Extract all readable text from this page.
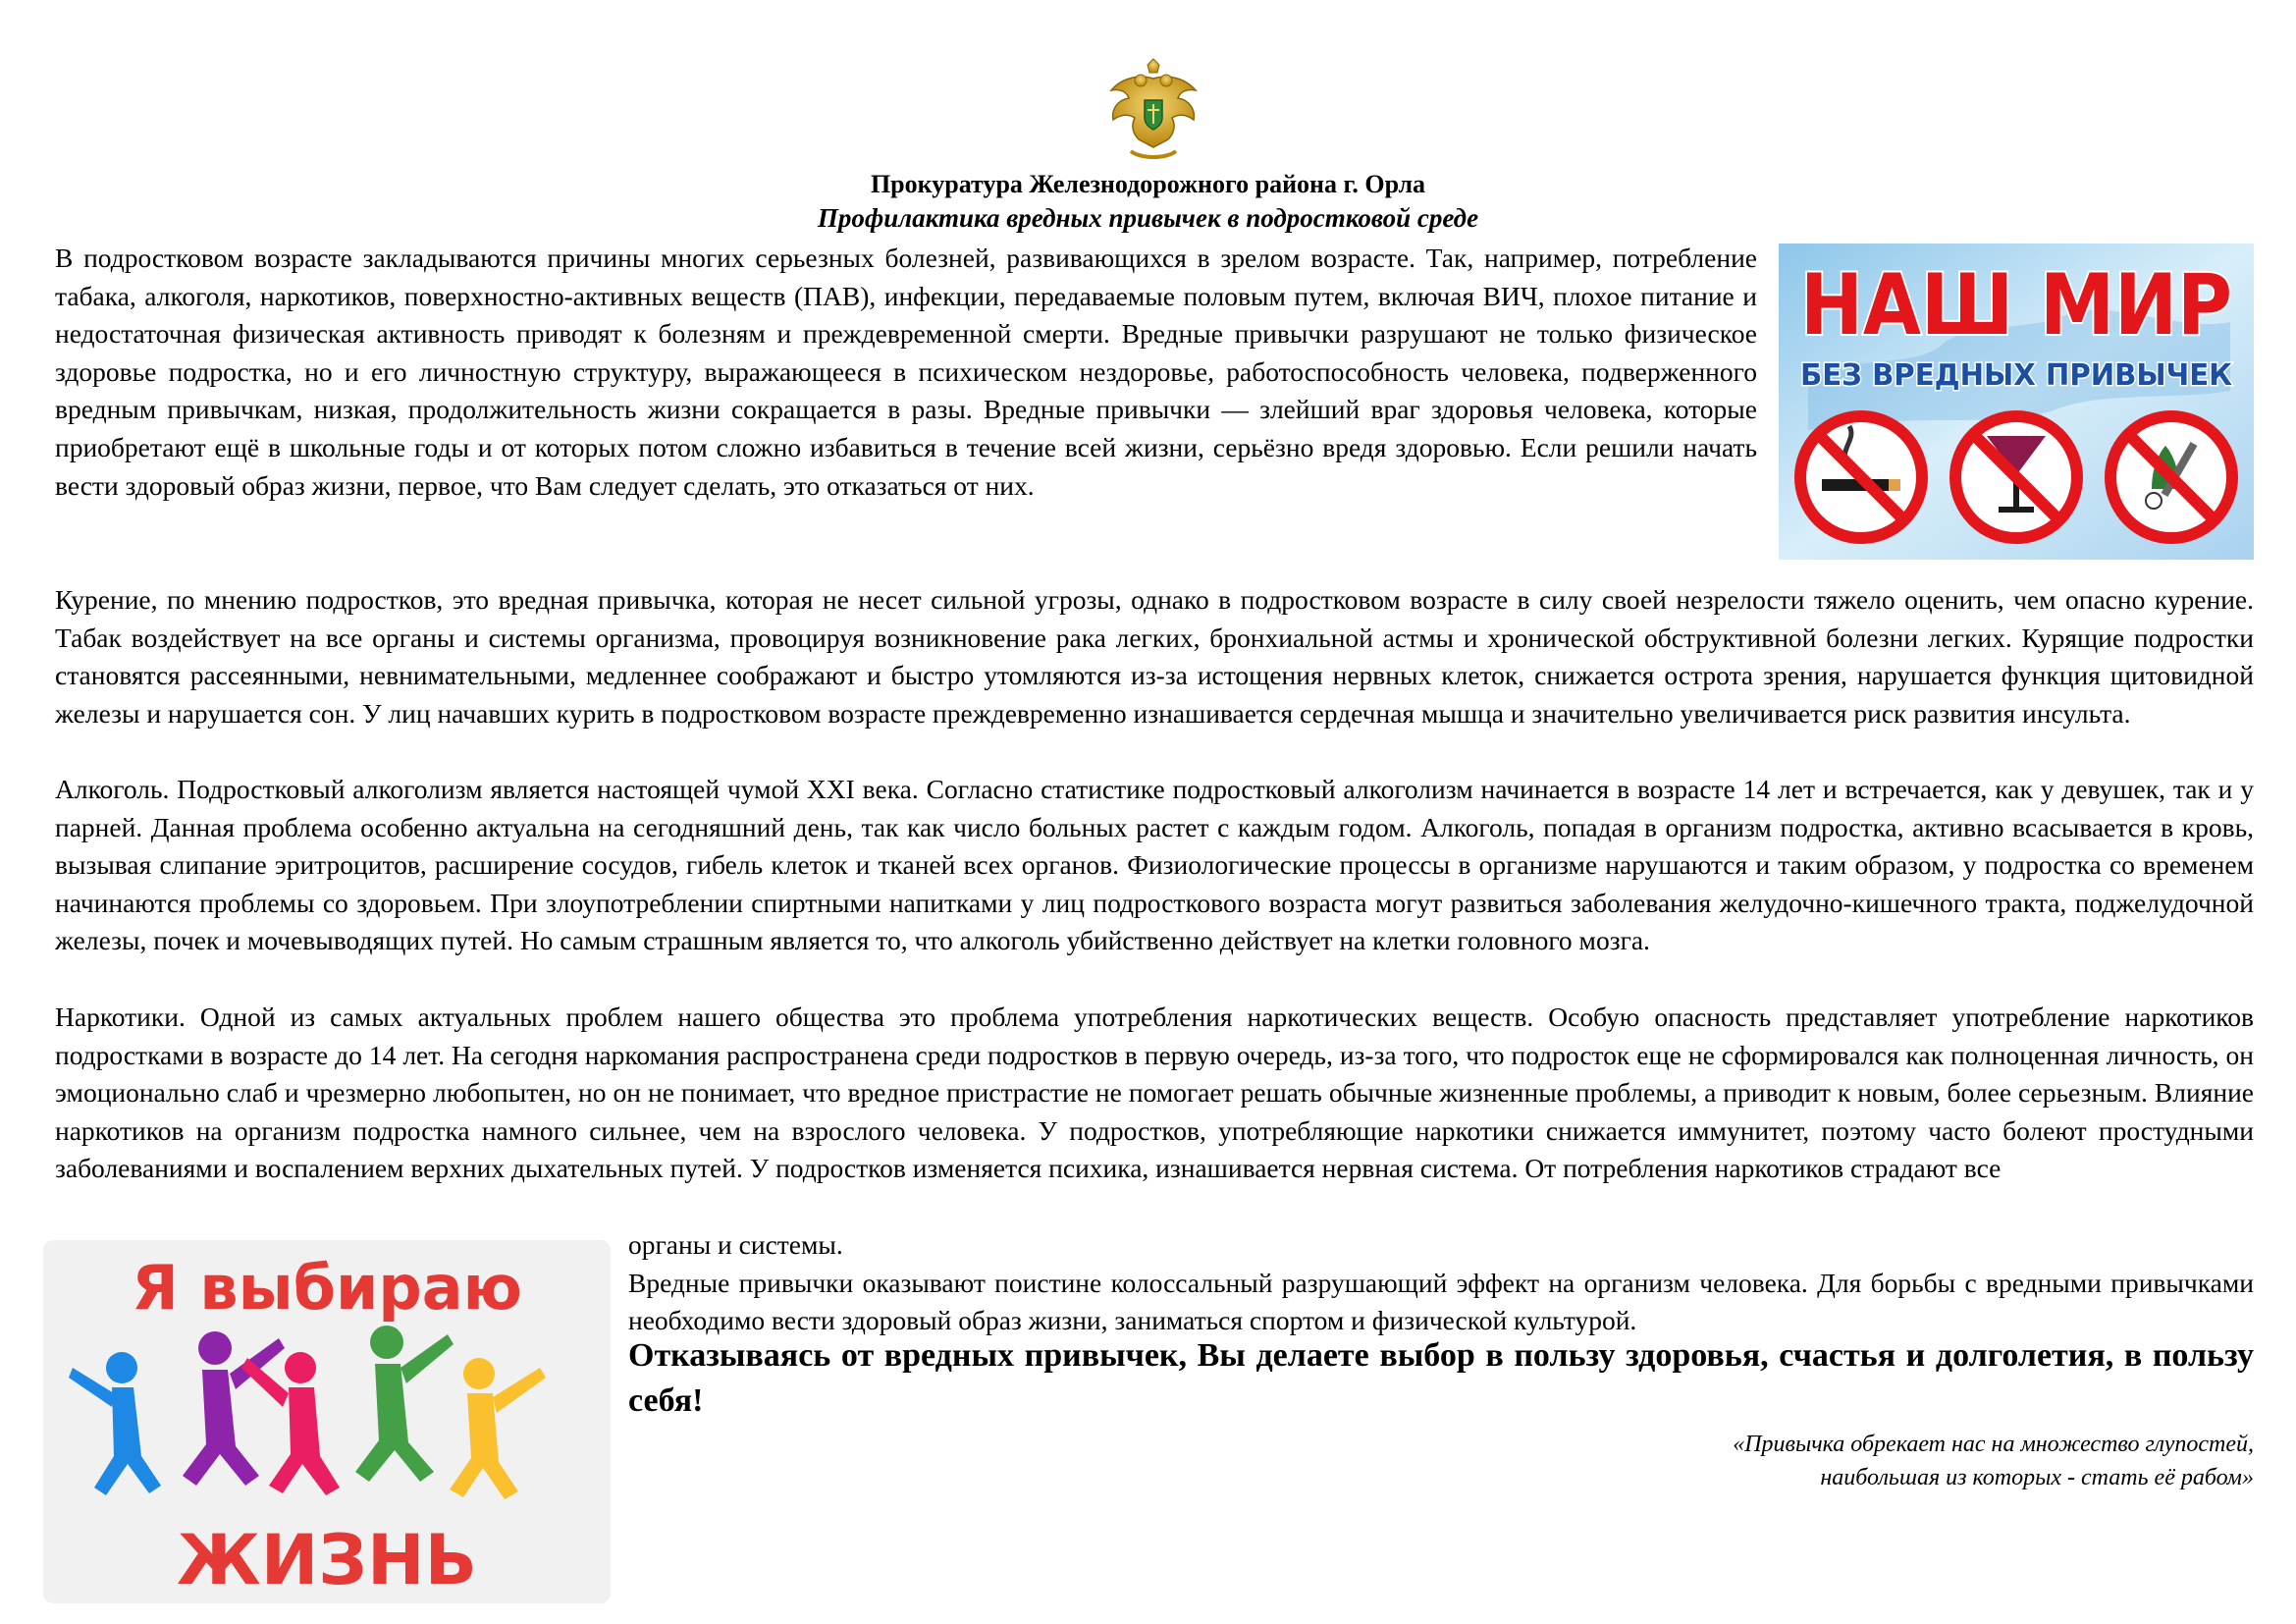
Прокуратура Железнодорожного района г. Орла
Профилактика вредных привычек в подростковой среде

В подростковом возрасте закладываются причины многих серьезных болезней, развивающихся в зрелом возрасте. Так, например, потребление табака, алкоголя, наркотиков, поверхностно-активных веществ (ПАВ), инфекции, передаваемые половым путем, включая ВИЧ, плохое питание и недостаточная физическая активность приводят к болезням и преждевременной смерти. Вредные привычки разрушают не только физическое здоровье подростка, но и его личностную структуру, выражающееся в психическом нездоровье, работоспособность человека, подверженного вредным привычкам, низкая, продолжительность жизни сокращается в разы. Вредные привычки — злейший враг здоровья человека, которые приобретают ещё в школьные годы и от которых потом сложно избавиться в течение всей жизни, серьёзно вредя здоровью. Если решили начать вести здоровый образ жизни, первое, что Вам следует сделать, это отказаться от них.

Курение, по мнению подростков, это вредная привычка, которая не несет сильной угрозы, однако в подростковом возрасте в силу своей незрелости тяжело оценить, чем опасно курение. Табак воздействует на все органы и системы организма, провоцируя возникновение рака легких, бронхиальной астмы и хронической обструктивной болезни легких. Курящие подростки становятся рассеянными, невнимательными, медленнее соображают и быстро утомляются из-за истощения нервных клеток, снижается острота зрения, нарушается функция щитовидной железы и нарушается сон. У лиц начавших курить в подростковом возрасте преждевременно изнашивается сердечная мышца и значительно увеличивается риск развития инсульта.

Алкоголь. Подростковый алкоголизм является настоящей чумой XXI века. Согласно статистике подростковый алкоголизм начинается в возрасте 14 лет и встречается, как у девушек, так и у парней. Данная проблема особенно актуальна на сегодняшний день, так как число больных растет с каждым годом. Алкоголь, попадая в организм подростка, активно всасывается в кровь, вызывая слипание эритроцитов, расширение сосудов, гибель клеток и тканей всех органов. Физиологические процессы в организме нарушаются и таким образом, у подростка со временем начинаются проблемы со здоровьем. При злоупотреблении спиртными напитками у лиц подросткового возраста могут развиться заболевания желудочно-кишечного тракта, поджелудочной железы, почек и мочевыводящих путей. Но самым страшным является то, что алкоголь убийственно действует на клетки головного мозга.

Наркотики. Одной из самых актуальных проблем нашего общества это проблема употребления наркотических веществ. Особую опасность представляет употребление наркотиков подростками в возрасте до 14 лет. На сегодня наркомания распространена среди подростков в первую очередь, из-за того, что подросток еще не сформировался как полноценная личность, он эмоционально слаб и чрезмерно любопытен, но он не понимает, что вредное пристрастие не помогает решать обычные жизненные проблемы, а приводит к новым, более серьезным. Влияние наркотиков на организм подростка намного сильнее, чем на взрослого человека. У подростков, употребляющие наркотики снижается иммунитет, поэтому часто болеют простудными заболеваниями и воспалением верхних дыхательных путей. У подростков изменяется психика, изнашивается нервная система. От потребления наркотиков страдают все

органы и системы.
Вредные привычки оказывают поистине колоссальный разрушающий эффект на организм человека. Для борьбы с вредными привычками необходимо вести здоровый образ жизни, заниматься спортом и физической культурой.

Отказываясь от вредных привычек, Вы делаете выбор в пользу здоровья, счастья и долголетия, в пользу себя!

«Привычка обрекает нас на множество глупостей,
наибольшая из которых - стать её рабом»
НАШ МИР
БЕЗ ВРЕДНЫХ ПРИВЫЧЕК
Я выбираю
ЖИЗНЬ
